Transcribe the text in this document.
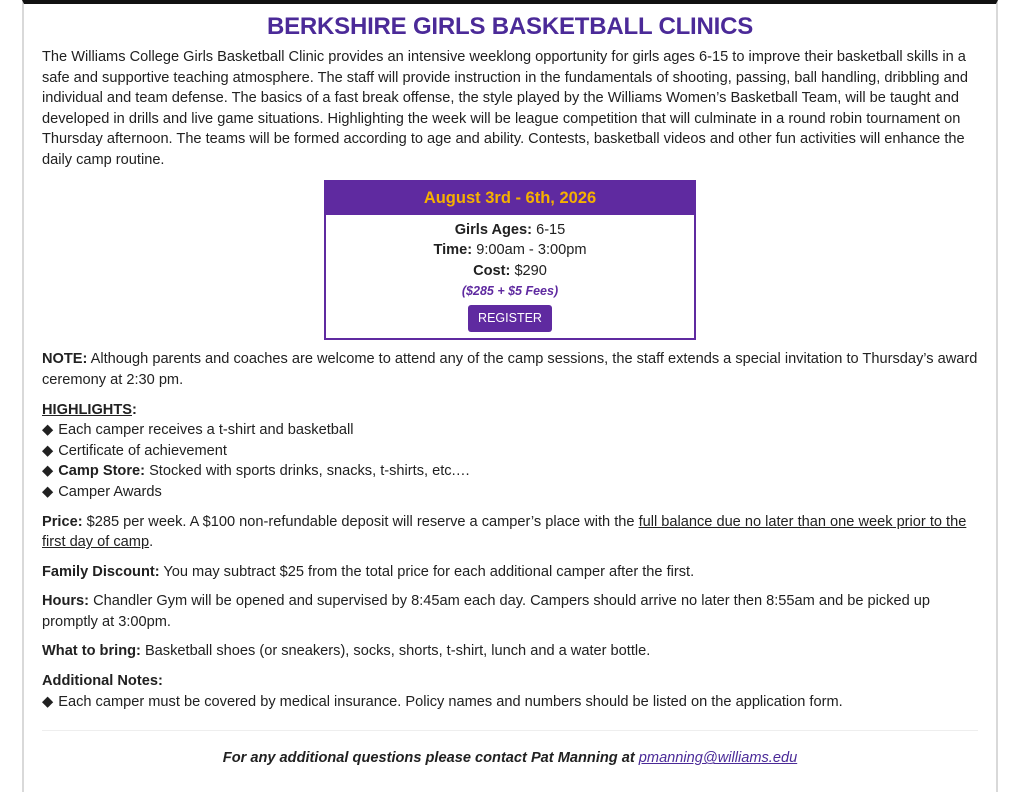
BERKSHIRE GIRLS BASKETBALL CLINICS

The Williams College Girls Basketball Clinic provides an intensive weeklong opportunity for girls ages 6-15 to improve their basketball skills in a safe and supportive teaching atmosphere. The staff will provide instruction in the fundamentals of shooting, passing, ball handling, dribbling and individual and team defense. The basics of a fast break offense, the style played by the Williams Women’s Basketball Team, will be taught and developed in drills and live game situations. Highlighting the week will be league competition that will culminate in a round robin tournament on Thursday afternoon. The teams will be formed according to age and ability. Contests, basketball videos and other fun activities will enhance the daily camp routine.

August 3rd - 6th, 2026
Girls Ages: 6-15
Time: 9:00am - 3:00pm
Cost: $290
($285 + $5 Fees)
REGISTER

NOTE: Although parents and coaches are welcome to attend any of the camp sessions, the staff extends a special invitation to Thursday’s award ceremony at 2:30 pm.

HIGHLIGHTS:
◆ Each camper receives a t-shirt and basketball
◆ Certificate of achievement
◆ Camp Store: Stocked with sports drinks, snacks, t-shirts, etc.…
◆ Camper Awards

Price: $285 per week. A $100 non-refundable deposit will reserve a camper’s place with the full balance due no later than one week prior to the first day of camp.

Family Discount: You may subtract $25 from the total price for each additional camper after the first.

Hours: Chandler Gym will be opened and supervised by 8:45am each day. Campers should arrive no later then 8:55am and be picked up promptly at 3:00pm.

What to bring: Basketball shoes (or sneakers), socks, shorts, t-shirt, lunch and a water bottle.

Additional Notes:
◆ Each camper must be covered by medical insurance. Policy names and numbers should be listed on the application form.
For any additional questions please contact Pat Manning at pmanning@williams.edu
